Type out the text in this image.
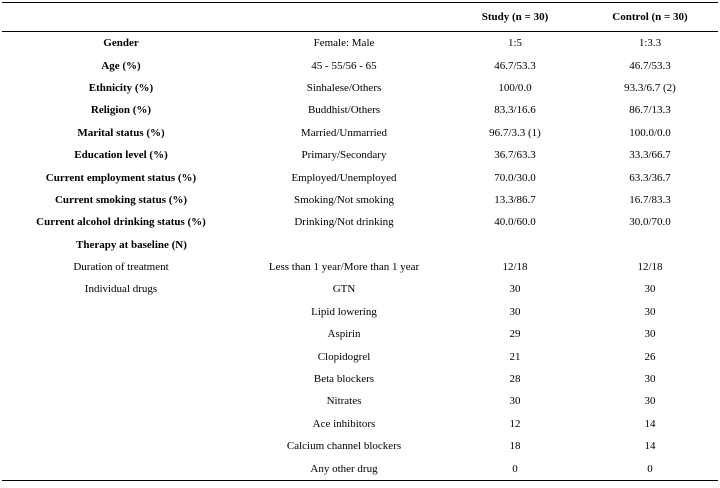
		Study (n = 30)	Control (n = 30)
Gender	Female: Male	1:5	1:3.3
Age (%)	45 - 55/56 - 65	46.7/53.3	46.7/53.3
Ethnicity (%)	Sinhalese/Others	100/0.0	93.3/6.7 (2)
Religion (%)	Buddhist/Others	83.3/16.6	86.7/13.3
Marital status (%)	Married/Unmarried	96.7/3.3 (1)	100.0/0.0
Education level (%)	Primary/Secondary	36.7/63.3	33.3/66.7
Current employment status (%)	Employed/Unemployed	70.0/30.0	63.3/36.7
Current smoking status (%)	Smoking/Not smoking	13.3/86.7	16.7/83.3
Current alcohol drinking status (%)	Drinking/Not drinking	40.0/60.0	30.0/70.0
Therapy at baseline (N)			
Duration of treatment	Less than 1 year/More than 1 year	12/18	12/18
Individual drugs	GTN	30	30
	Lipid lowering	30	30
	Aspirin	29	30
	Clopidogrel	21	26
	Beta blockers	28	30
	Nitrates	30	30
	Ace inhibitors	12	14
	Calcium channel blockers	18	14
	Any other drug	0	0
